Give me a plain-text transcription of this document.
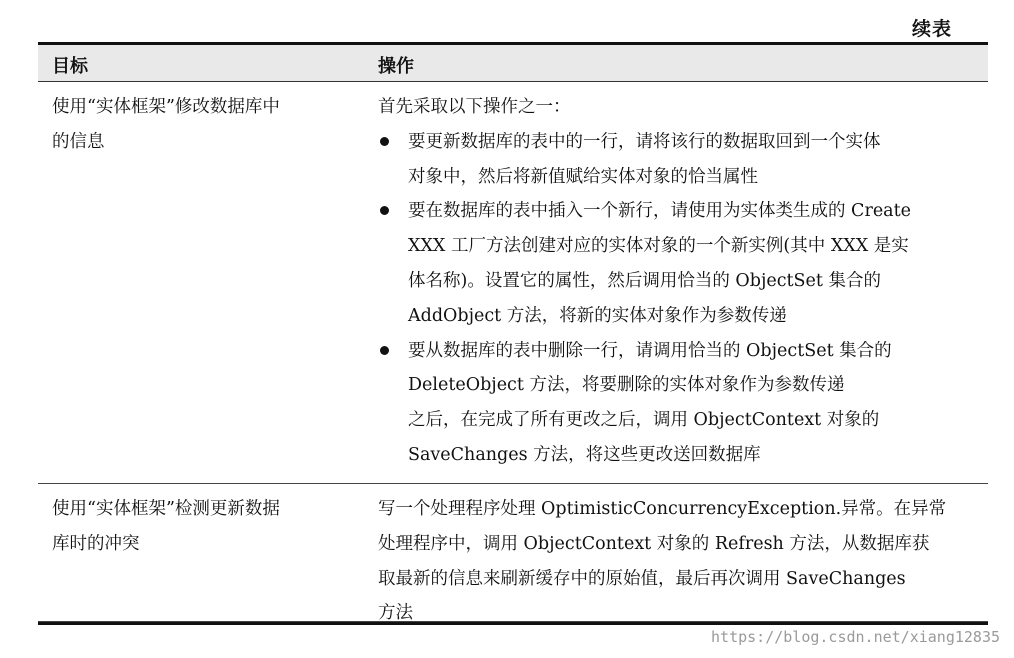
续表
目标	操作
使用“实体框架”修改数据库中
的信息
首先采取以下操作之一：
要更新数据库的表中的一行，请将该行的数据取回到一个实体
对象中，然后将新值赋给实体对象的恰当属性
要在数据库的表中插入一个新行，请使用为实体类生成的 Create
XXX 工厂方法创建对应的实体对象的一个新实例(其中 XXX 是实
体名称)。设置它的属性，然后调用恰当的 ObjectSet 集合的
AddObject 方法，将新的实体对象作为参数传递
要从数据库的表中删除一行，请调用恰当的 ObjectSet 集合的
DeleteObject 方法，将要删除的实体对象作为参数传递
之后，在完成了所有更改之后，调用 ObjectContext 对象的
SaveChanges 方法，将这些更改送回数据库
使用“实体框架”检测更新数据
库时的冲突
写一个处理程序处理 OptimisticConcurrencyException.异常。在异常
处理程序中，调用 ObjectContext 对象的 Refresh 方法，从数据库获
取最新的信息来刷新缓存中的原始值，最后再次调用 SaveChanges
方法
https://blog.csdn.net/xiang12835
